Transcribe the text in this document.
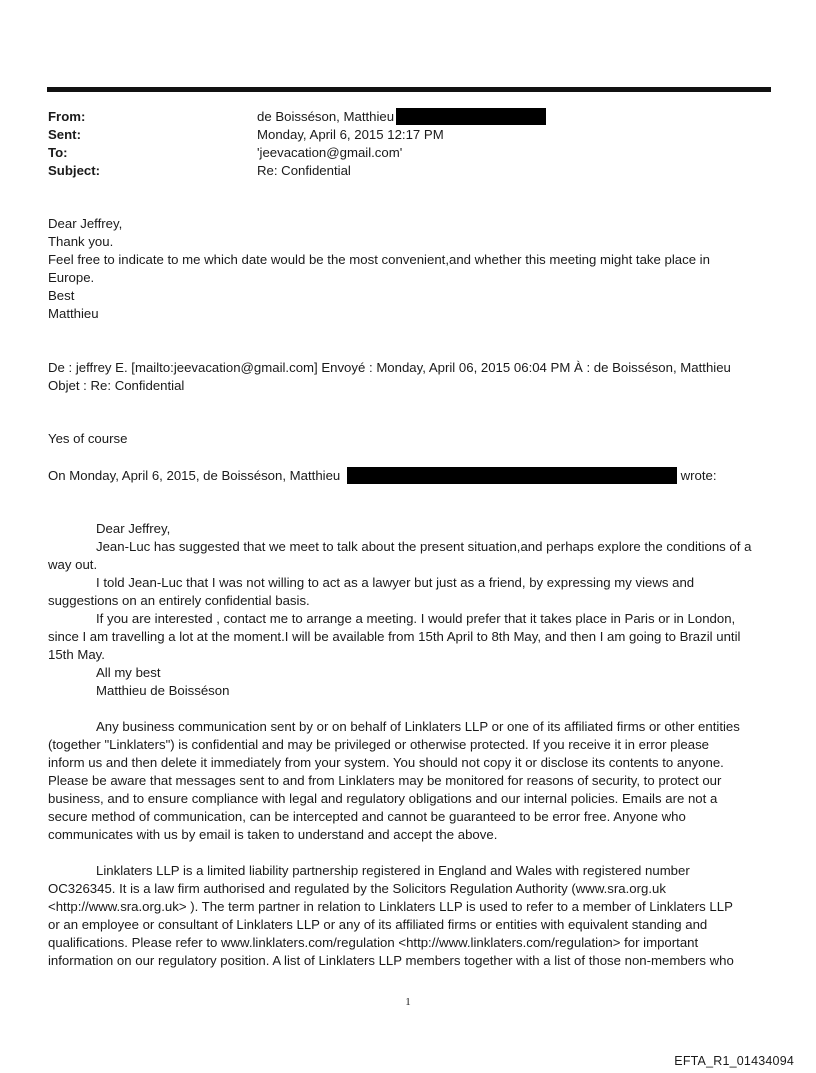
From:	de Boisséson, Matthieu
Sent:	Monday, April 6, 2015 12:17 PM
To:	'jeevacation@gmail.com'
Subject:	Re: Confidential
Dear Jeffrey,
Thank you.
Feel free to indicate to me which date would be the most convenient,and whether this meeting might take place in
Europe.
Best
Matthieu
De : jeffrey E. [mailto:jeevacation@gmail.com] Envoyé : Monday, April 06, 2015 06:04 PM À : de Boisséson, Matthieu
Objet : Re: Confidential
Yes of course
On Monday, April 6, 2015, de Boisséson, Matthieu	wrote:
Dear Jeffrey,
Jean-Luc has suggested that we meet to talk about the present situation,and perhaps explore the conditions of a
way out.
I told Jean-Luc that I was not willing to act as a lawyer but just as a friend, by expressing my views and
suggestions on an entirely confidential basis.
If you are interested , contact me to arrange a meeting. I would prefer that it takes place in Paris or in London,
since I am travelling a lot at the moment.I will be available from 15th April to 8th May, and then I am going to Brazil until
15th May.
All my best
Matthieu de Boisséson
Any business communication sent by or on behalf of Linklaters LLP or one of its affiliated firms or other entities
(together "Linklaters") is confidential and may be privileged or otherwise protected. If you receive it in error please
inform us and then delete it immediately from your system. You should not copy it or disclose its contents to anyone.
Please be aware that messages sent to and from Linklaters may be monitored for reasons of security, to protect our
business, and to ensure compliance with legal and regulatory obligations and our internal policies. Emails are not a
secure method of communication, can be intercepted and cannot be guaranteed to be error free. Anyone who
communicates with us by email is taken to understand and accept the above.
Linklaters LLP is a limited liability partnership registered in England and Wales with registered number
OC326345. It is a law firm authorised and regulated by the Solicitors Regulation Authority (www.sra.org.uk
<http://www.sra.org.uk> ). The term partner in relation to Linklaters LLP is used to refer to a member of Linklaters LLP
or an employee or consultant of Linklaters LLP or any of its affiliated firms or entities with equivalent standing and
qualifications. Please refer to www.linklaters.com/regulation <http://www.linklaters.com/regulation> for important
information on our regulatory position. A list of Linklaters LLP members together with a list of those non-members who
1
EFTA_R1_01434094
